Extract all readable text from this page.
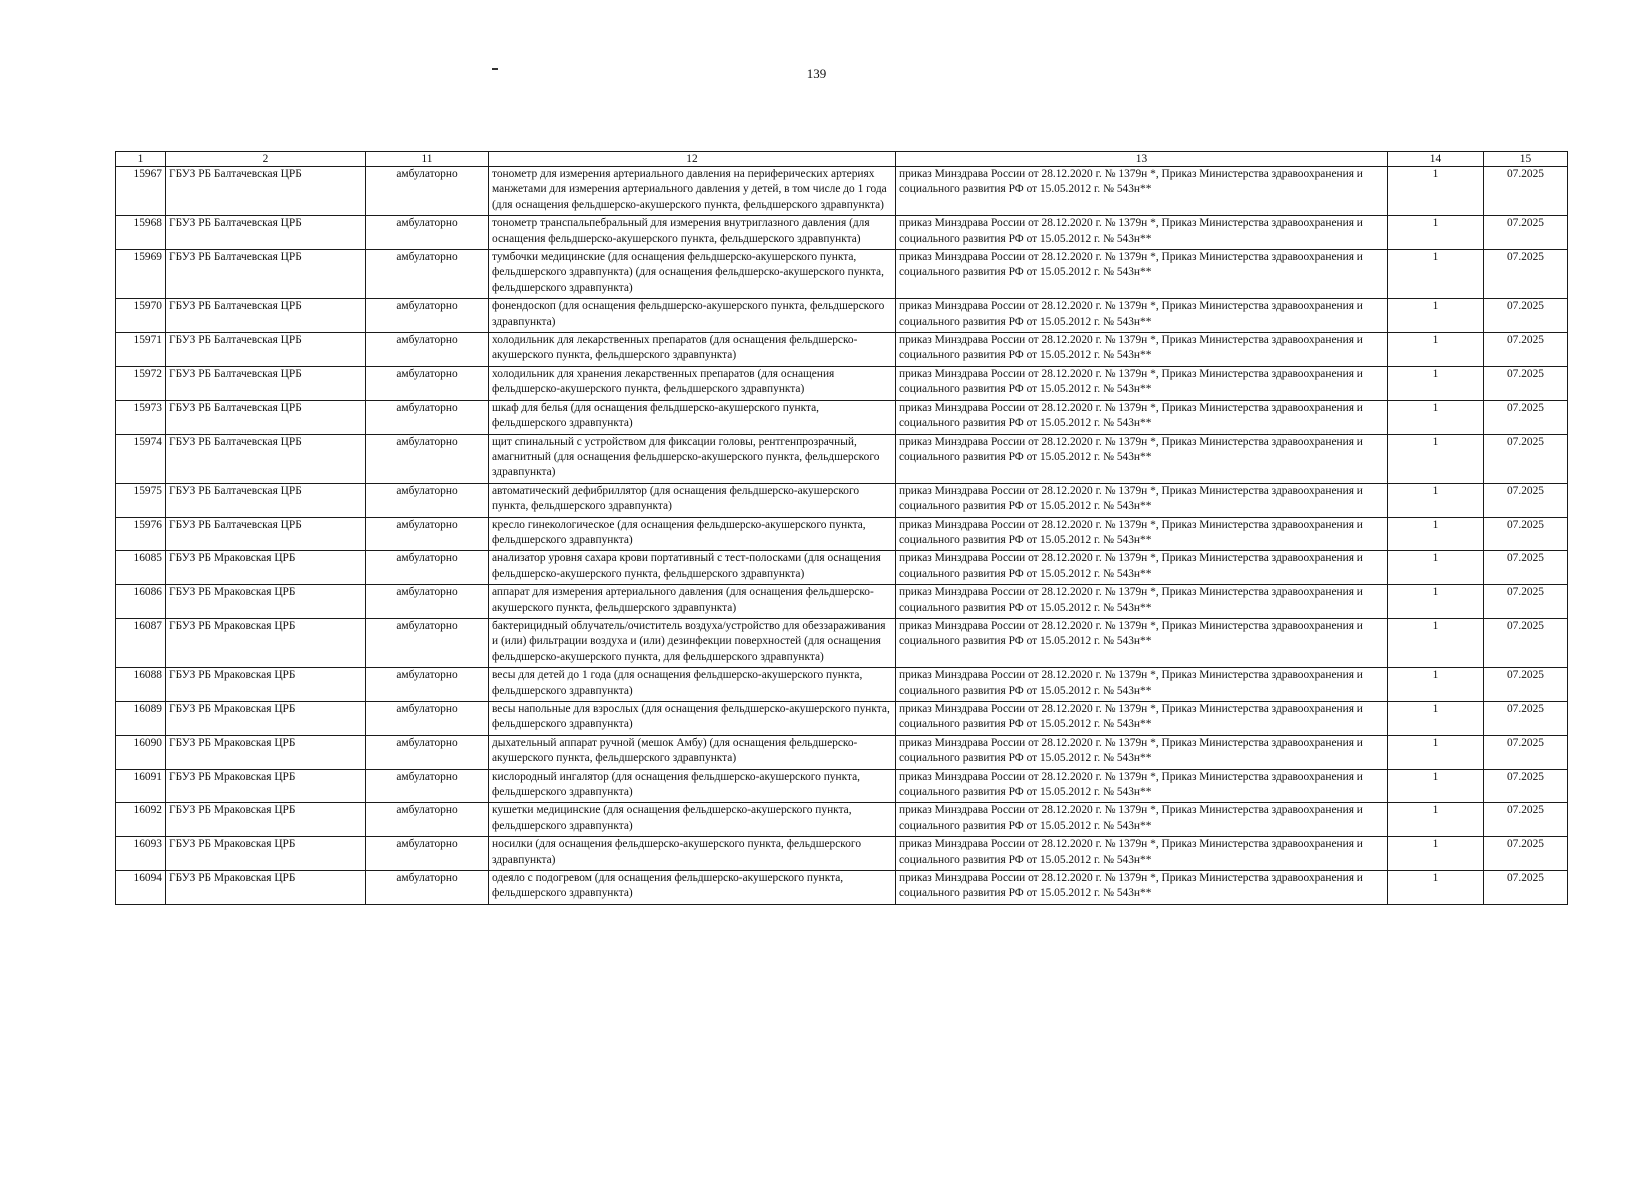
139
1	2	11	12	13	14	15
15967	ГБУЗ РБ Балтачевская ЦРБ	амбулаторно	тонометр для измерения артериального давления на периферических артериях манжетами для измерения артериального давления у детей, в том числе до 1 года (для оснащения фельдшерско-акушерского пункта, фельдшерского здравпункта)	приказ Минздрава России от 28.12.2020 г. № 1379н *, Приказ Министерства здравоохранения и социального развития РФ от 15.05.2012 г. № 543н**	1	07.2025
15968	ГБУЗ РБ Балтачевская ЦРБ	амбулаторно	тонометр транспальпебральный для измерения внутриглазного давления (для оснащения фельдшерско-акушерского пункта, фельдшерского здравпункта)	приказ Минздрава России от 28.12.2020 г. № 1379н *, Приказ Министерства здравоохранения и социального развития РФ от 15.05.2012 г. № 543н**	1	07.2025
15969	ГБУЗ РБ Балтачевская ЦРБ	амбулаторно	тумбочки медицинские (для оснащения фельдшерско-акушерского пункта, фельдшерского здравпункта) (для оснащения фельдшерско-акушерского пункта, фельдшерского здравпункта)	приказ Минздрава России от 28.12.2020 г. № 1379н *, Приказ Министерства здравоохранения и социального развития РФ от 15.05.2012 г. № 543н**	1	07.2025
15970	ГБУЗ РБ Балтачевская ЦРБ	амбулаторно	фонендоскоп (для оснащения фельдшерско-акушерского пункта, фельдшерского здравпункта)	приказ Минздрава России от 28.12.2020 г. № 1379н *, Приказ Министерства здравоохранения и социального развития РФ от 15.05.2012 г. № 543н**	1	07.2025
15971	ГБУЗ РБ Балтачевская ЦРБ	амбулаторно	холодильник для лекарственных препаратов (для оснащения фельдшерско-акушерского пункта, фельдшерского здравпункта)	приказ Минздрава России от 28.12.2020 г. № 1379н *, Приказ Министерства здравоохранения и социального развития РФ от 15.05.2012 г. № 543н**	1	07.2025
15972	ГБУЗ РБ Балтачевская ЦРБ	амбулаторно	холодильник для хранения лекарственных препаратов (для оснащения фельдшерско-акушерского пункта, фельдшерского здравпункта)	приказ Минздрава России от 28.12.2020 г. № 1379н *, Приказ Министерства здравоохранения и социального развития РФ от 15.05.2012 г. № 543н**	1	07.2025
15973	ГБУЗ РБ Балтачевская ЦРБ	амбулаторно	шкаф для белья (для оснащения фельдшерско-акушерского пункта, фельдшерского здравпункта)	приказ Минздрава России от 28.12.2020 г. № 1379н *, Приказ Министерства здравоохранения и социального развития РФ от 15.05.2012 г. № 543н**	1	07.2025
15974	ГБУЗ РБ Балтачевская ЦРБ	амбулаторно	щит спинальный с устройством для фиксации головы, рентгенпрозрачный, амагнитный (для оснащения фельдшерско-акушерского пункта, фельдшерского здравпункта)	приказ Минздрава России от 28.12.2020 г. № 1379н *, Приказ Министерства здравоохранения и социального развития РФ от 15.05.2012 г. № 543н**	1	07.2025
15975	ГБУЗ РБ Балтачевская ЦРБ	амбулаторно	автоматический дефибриллятор (для оснащения фельдшерско-акушерского пункта, фельдшерского здравпункта)	приказ Минздрава России от 28.12.2020 г. № 1379н *, Приказ Министерства здравоохранения и социального развития РФ от 15.05.2012 г. № 543н**	1	07.2025
15976	ГБУЗ РБ Балтачевская ЦРБ	амбулаторно	кресло гинекологическое (для оснащения фельдшерско-акушерского пункта, фельдшерского здравпункта)	приказ Минздрава России от 28.12.2020 г. № 1379н *, Приказ Министерства здравоохранения и социального развития РФ от 15.05.2012 г. № 543н**	1	07.2025
16085	ГБУЗ РБ Мраковская ЦРБ	амбулаторно	анализатор уровня сахара крови портативный с тест-полосками (для оснащения фельдшерско-акушерского пункта, фельдшерского здравпункта)	приказ Минздрава России от 28.12.2020 г. № 1379н *, Приказ Министерства здравоохранения и социального развития РФ от 15.05.2012 г. № 543н**	1	07.2025
16086	ГБУЗ РБ Мраковская ЦРБ	амбулаторно	аппарат для измерения артериального давления (для оснащения фельдшерско-акушерского пункта, фельдшерского здравпункта)	приказ Минздрава России от 28.12.2020 г. № 1379н *, Приказ Министерства здравоохранения и социального развития РФ от 15.05.2012 г. № 543н**	1	07.2025
16087	ГБУЗ РБ Мраковская ЦРБ	амбулаторно	бактерицидный облучатель/очиститель воздуха/устройство для обеззараживания и (или) фильтрации воздуха и (или) дезинфекции поверхностей (для оснащения фельдшерско-акушерского пункта, для фельдшерского здравпункта)	приказ Минздрава России от 28.12.2020 г. № 1379н *, Приказ Министерства здравоохранения и социального развития РФ от 15.05.2012 г. № 543н**	1	07.2025
16088	ГБУЗ РБ Мраковская ЦРБ	амбулаторно	весы для детей до 1 года (для оснащения фельдшерско-акушерского пункта, фельдшерского здравпункта)	приказ Минздрава России от 28.12.2020 г. № 1379н *, Приказ Министерства здравоохранения и социального развития РФ от 15.05.2012 г. № 543н**	1	07.2025
16089	ГБУЗ РБ Мраковская ЦРБ	амбулаторно	весы напольные для взрослых (для оснащения фельдшерско-акушерского пункта, фельдшерского здравпункта)	приказ Минздрава России от 28.12.2020 г. № 1379н *, Приказ Министерства здравоохранения и социального развития РФ от 15.05.2012 г. № 543н**	1	07.2025
16090	ГБУЗ РБ Мраковская ЦРБ	амбулаторно	дыхательный аппарат ручной (мешок Амбу) (для оснащения фельдшерско-акушерского пункта, фельдшерского здравпункта)	приказ Минздрава России от 28.12.2020 г. № 1379н *, Приказ Министерства здравоохранения и социального развития РФ от 15.05.2012 г. № 543н**	1	07.2025
16091	ГБУЗ РБ Мраковская ЦРБ	амбулаторно	кислородный ингалятор (для оснащения фельдшерско-акушерского пункта, фельдшерского здравпункта)	приказ Минздрава России от 28.12.2020 г. № 1379н *, Приказ Министерства здравоохранения и социального развития РФ от 15.05.2012 г. № 543н**	1	07.2025
16092	ГБУЗ РБ Мраковская ЦРБ	амбулаторно	кушетки медицинские (для оснащения фельдшерско-акушерского пункта, фельдшерского здравпункта)	приказ Минздрава России от 28.12.2020 г. № 1379н *, Приказ Министерства здравоохранения и социального развития РФ от 15.05.2012 г. № 543н**	1	07.2025
16093	ГБУЗ РБ Мраковская ЦРБ	амбулаторно	носилки (для оснащения фельдшерско-акушерского пункта, фельдшерского здравпункта)	приказ Минздрава России от 28.12.2020 г. № 1379н *, Приказ Министерства здравоохранения и социального развития РФ от 15.05.2012 г. № 543н**	1	07.2025
16094	ГБУЗ РБ Мраковская ЦРБ	амбулаторно	одеяло с подогревом (для оснащения фельдшерско-акушерского пункта, фельдшерского здравпункта)	приказ Минздрава России от 28.12.2020 г. № 1379н *, Приказ Министерства здравоохранения и социального развития РФ от 15.05.2012 г. № 543н**	1	07.2025
